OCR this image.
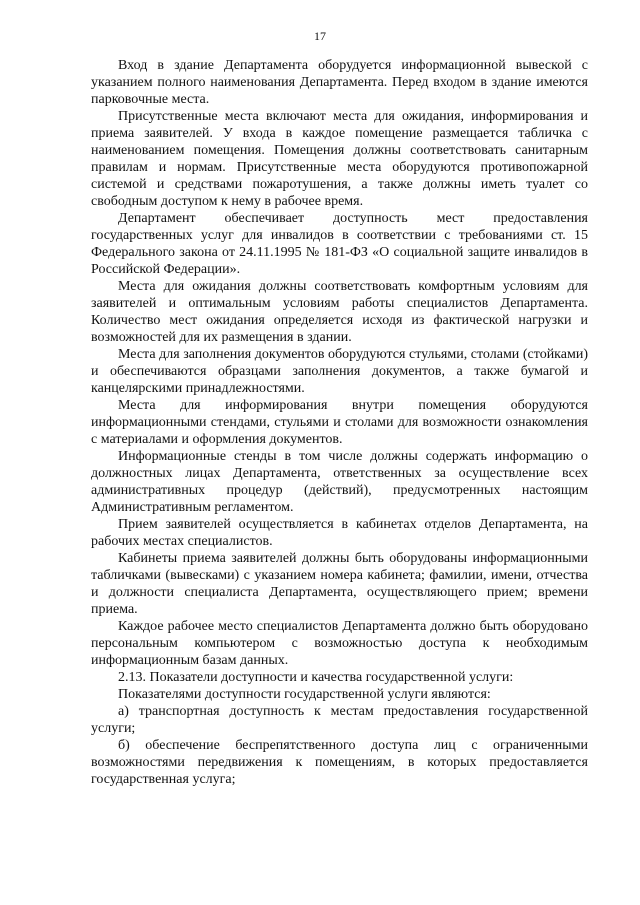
17

Вход в здание Департамента оборудуется информационной вывеской с указанием полного наименования Департамента. Перед входом в здание имеются парковочные места.

Присутственные места включают места для ожидания, информирования и приема заявителей. У входа в каждое помещение размещается табличка с наименованием помещения. Помещения должны соответствовать санитарным правилам и нормам. Присутственные места оборудуются противопожарной системой и средствами пожаротушения, а также должны иметь туалет со свободным доступом к нему в рабочее время.

Департамент обеспечивает доступность мест предоставления государственных услуг для инвалидов в соответствии с требованиями ст. 15 Федерального закона от 24.11.1995 № 181-ФЗ «О социальной защите инвалидов в Российской Федерации».

Места для ожидания должны соответствовать комфортным условиям для заявителей и оптимальным условиям работы специалистов Департамента. Количество мест ожидания определяется исходя из фактической нагрузки и возможностей для их размещения в здании.

Места для заполнения документов оборудуются стульями, столами (стойками) и обеспечиваются образцами заполнения документов, а также бумагой и канцелярскими принадлежностями.

Места для информирования внутри помещения оборудуются информационными стендами, стульями и столами для возможности ознакомления с материалами и оформления документов.

Информационные стенды в том числе должны содержать информацию о должностных лицах Департамента, ответственных за осуществление всех административных процедур (действий), предусмотренных настоящим Административным регламентом.

Прием заявителей осуществляется в кабинетах отделов Департамента, на рабочих местах специалистов.

Кабинеты приема заявителей должны быть оборудованы информационными табличками (вывесками) с указанием номера кабинета; фамилии, имени, отчества и должности специалиста Департамента, осуществляющего прием; времени приема.

Каждое рабочее место специалистов Департамента должно быть оборудовано персональным компьютером с возможностью доступа к необходимым информационным базам данных.

2.13. Показатели доступности и качества государственной услуги:

Показателями доступности государственной услуги являются:

а) транспортная доступность к местам предоставления государственной услуги;

б) обеспечение беспрепятственного доступа лиц с ограниченными возможностями передвижения к помещениям, в которых предоставляется государственная услуга;
